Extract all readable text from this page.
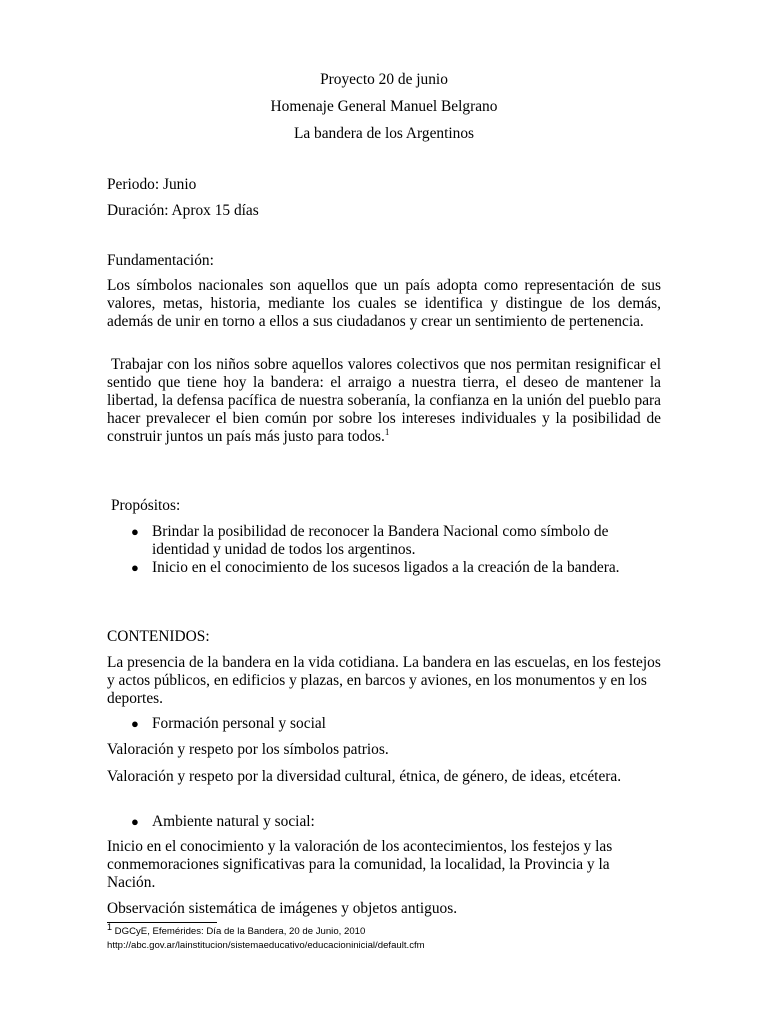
Proyecto 20 de junio
Homenaje General Manuel Belgrano
La bandera de los Argentinos
Periodo: Junio
Duración: Aprox 15 días
Fundamentación:

Los símbolos nacionales son aquellos que un país adopta como representación de sus valores, metas, historia, mediante los cuales se identifica y distingue de los demás, además de unir en torno a ellos a sus ciudadanos y crear un sentimiento de pertenencia.

Trabajar con los niños sobre aquellos valores colectivos que nos permitan resignificar el sentido que tiene hoy la bandera: el arraigo a nuestra tierra, el deseo de mantener la libertad, la defensa pacífica de nuestra soberanía, la confianza en la unión del pueblo para hacer prevalecer el bien común por sobre los intereses individuales y la posibilidad de construir juntos un país más justo para todos.$^1$

Propósitos:
● Brindar la posibilidad de reconocer la Bandera Nacional como símbolo de identidad y unidad de todos los argentinos.
● Inicio en el conocimiento de los sucesos ligados a la creación de la bandera.
CONTENIDOS:

La presencia de la bandera en la vida cotidiana. La bandera en las escuelas, en los festejos y actos públicos, en edificios y plazas, en barcos y aviones, en los monumentos y en los deportes.

● Formación personal y social
Valoración y respeto por los símbolos patrios.

Valoración y respeto por la diversidad cultural, étnica, de género, de ideas, etcétera.

● Ambiente natural y social:

Inicio en el conocimiento y la valoración de los acontecimientos, los festejos y las conmemoraciones significativas para la comunidad, la localidad, la Provincia y la Nación.

Observación sistemática de imágenes y objetos antiguos.
$^1$ DGCyE, Efemérides: Día de la Bandera, 20 de Junio, 2010
http://abc.gov.ar/lainstitucion/sistemaeducativo/educacioninicial/default.cfm
